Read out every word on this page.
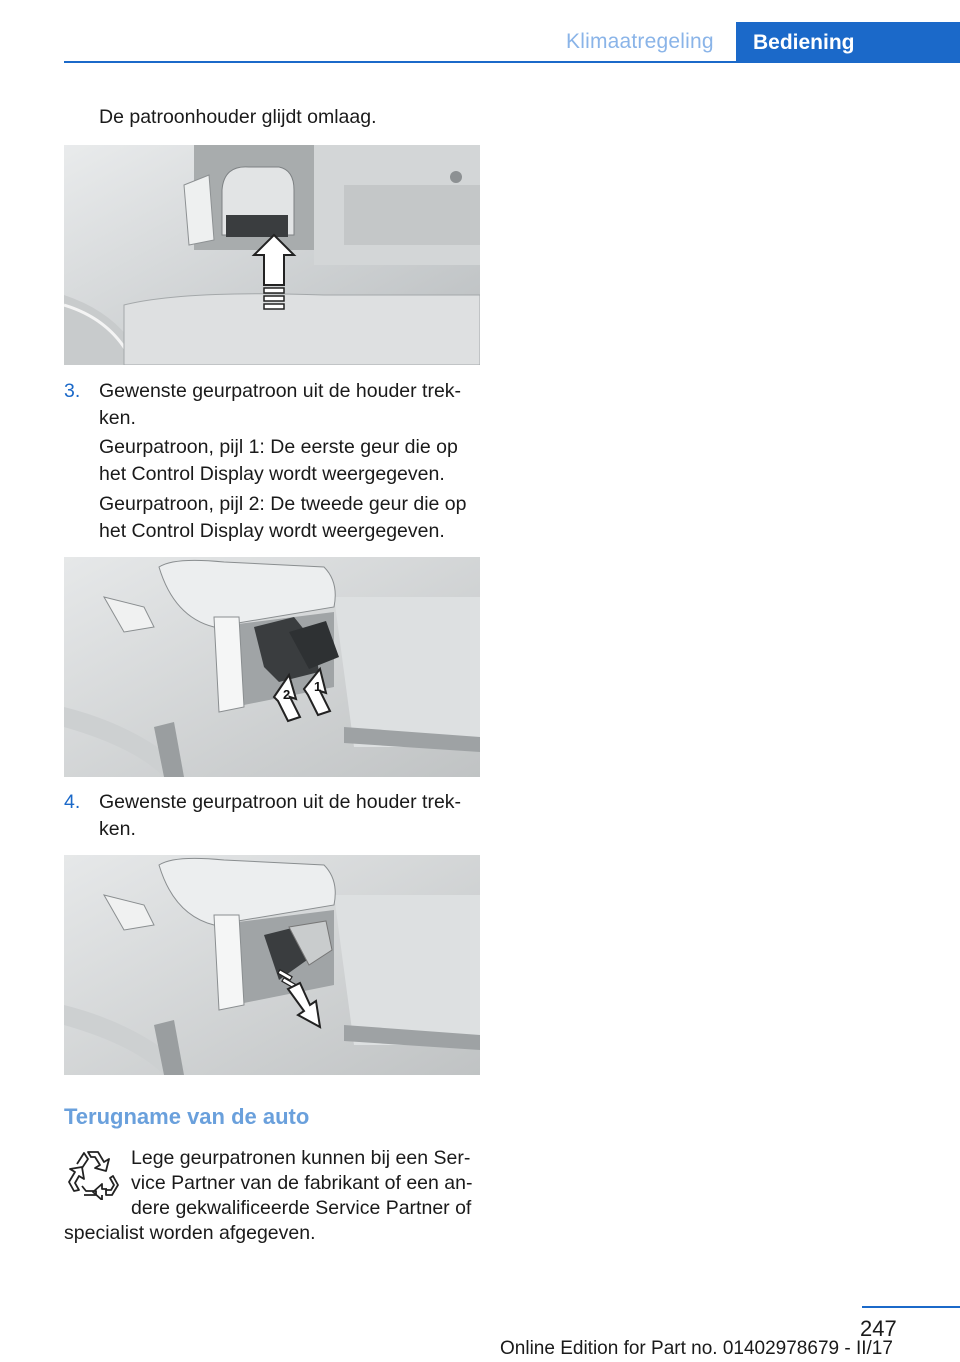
Klimaatregeling Bediening
De patroonhouder glijdt omlaag.
3. Gewenste geurpatroon uit de houder trek-
ken.
Geurpatroon, pijl 1: De eerste geur die op
het Control Display wordt weergegeven.
Geurpatroon, pijl 2: De tweede geur die op
het Control Display wordt weergegeven.
2
1
4. Gewenste geurpatroon uit de houder trek-
ken.
Terugname van de auto
Lege geurpatronen kunnen bij een Ser-
vice Partner van de fabrikant of een an-
dere gekwalificeerde Service Partner of
specialist worden afgegeven.
247
Online Edition for Part no. 01402978679 - II/17
